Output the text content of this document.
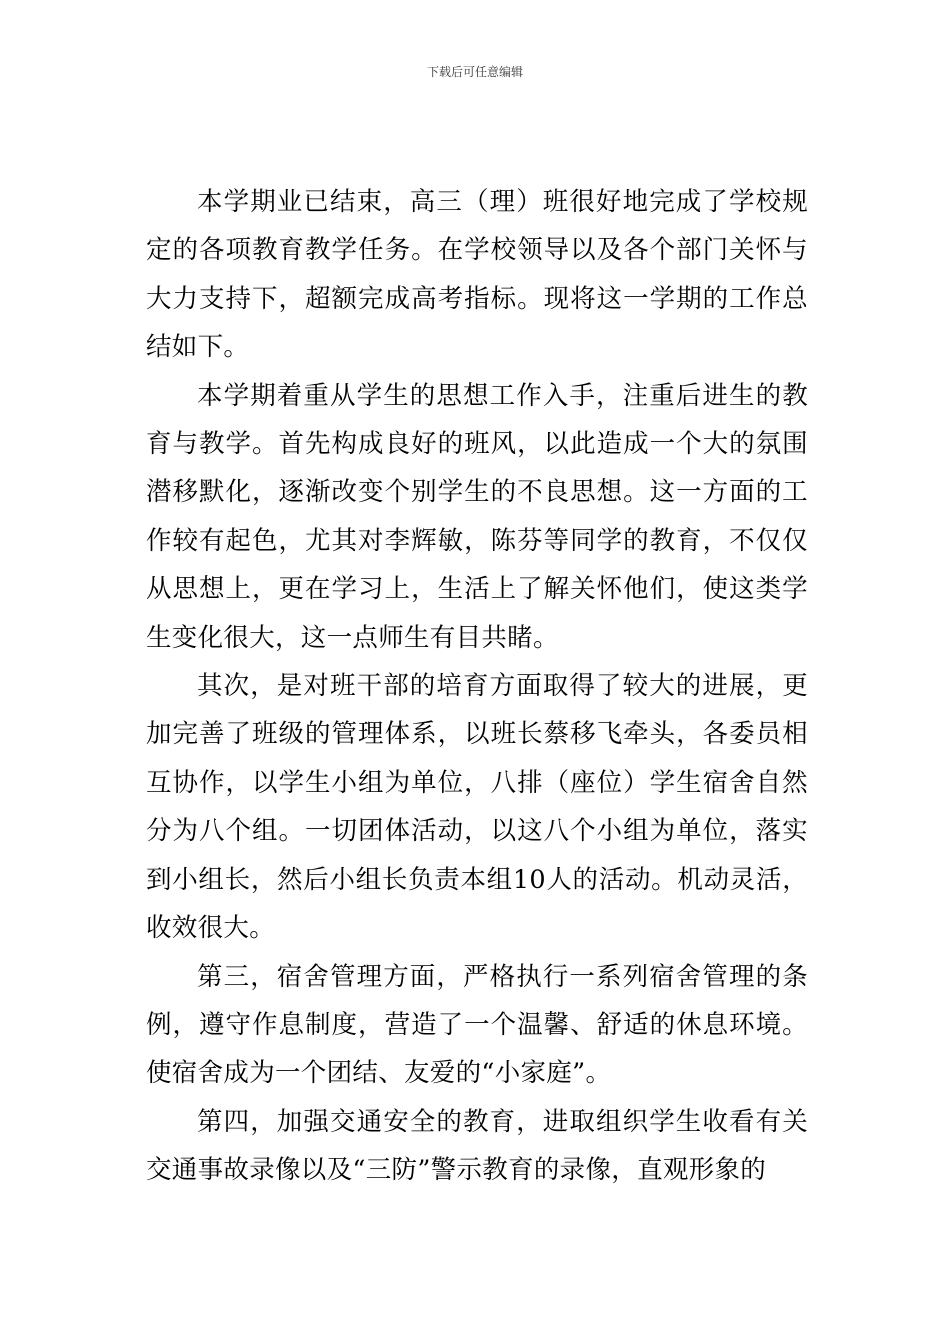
下载后可任意编辑

本学期业已结束，高三（理）班很好地完成了学校规定的各项教育教学任务。在学校领导以及各个部门关怀与大力支持下，超额完成高考指标。现将这一学期的工作总结如下。

本学期着重从学生的思想工作入手，注重后进生的教育与教学。首先构成良好的班风，以此造成一个大的氛围潜移默化，逐渐改变个别学生的不良思想。这一方面的工作较有起色，尤其对李辉敏，陈芬等同学的教育，不仅仅从思想上，更在学习上，生活上了解关怀他们，使这类学生变化很大，这一点师生有目共睹。

其次，是对班干部的培育方面取得了较大的进展，更加完善了班级的管理体系，以班长蔡移飞牵头，各委员相互协作，以学生小组为单位，八排（座位）学生宿舍自然分为八个组。一切团体活动，以这八个小组为单位，落实到小组长，然后小组长负责本组10人的活动。机动灵活，收效很大。

第三，宿舍管理方面，严格执行一系列宿舍管理的条例，遵守作息制度，营造了一个温馨、舒适的休息环境。使宿舍成为一个团结、友爱的“小家庭”。

第四，加强交通安全的教育，进取组织学生收看有关交通事故录像以及“三防”警示教育的录像，直观形象的
